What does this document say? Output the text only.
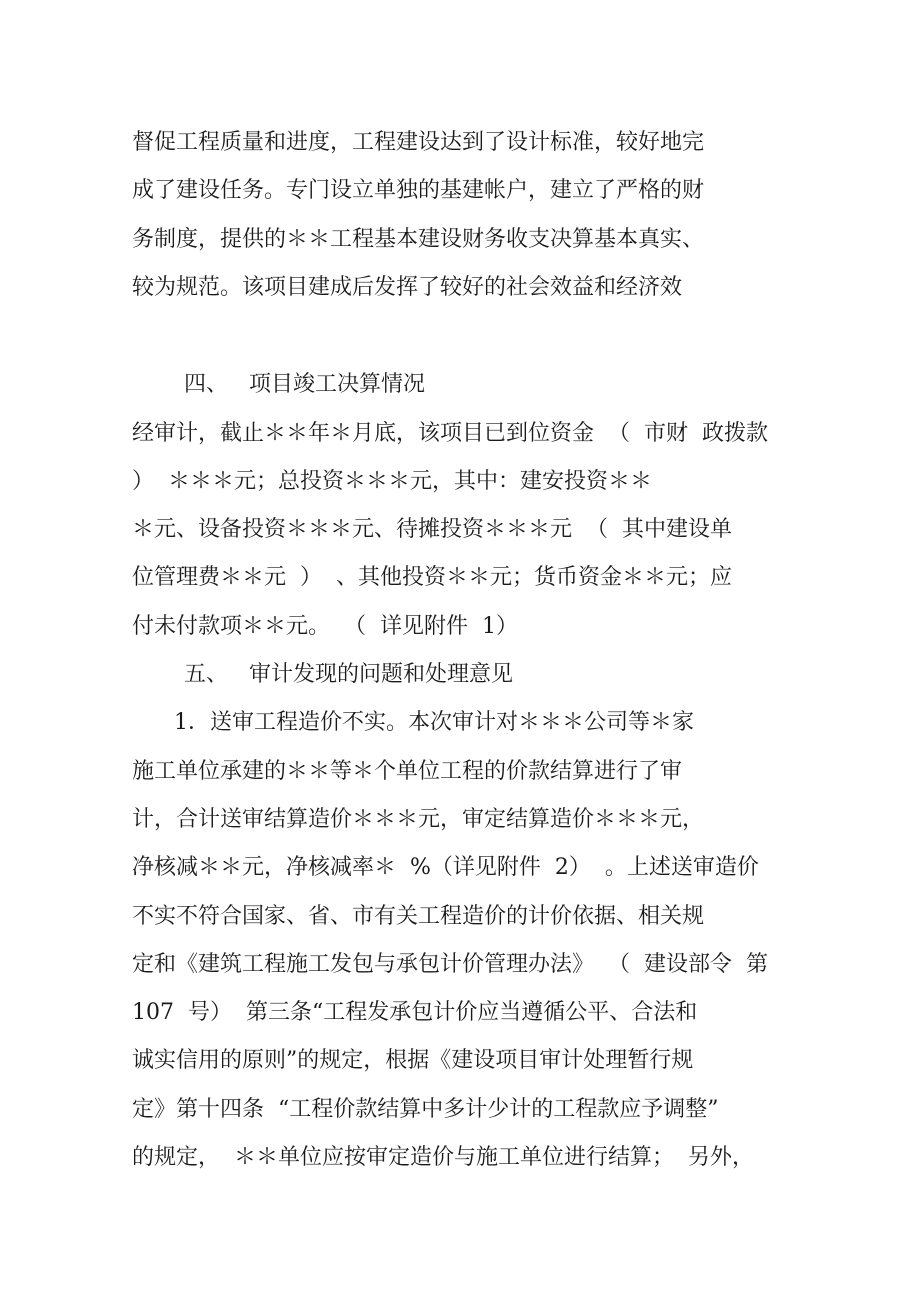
督促工程质量和进度，工程建设达到了设计标准，较好地完
成了建设任务。专门设立单独的基建帐户，建立了严格的财
务制度，提供的＊＊工程基本建设财务收支决算基本真实、
较为规范。该项目建成后发挥了较好的社会效益和经济效
四、   项目竣工决算情况
经审计，截止＊＊年＊月底，该项目已到位资金  （  市财  政拨款
）  ＊＊＊元；总投资＊＊＊元，其中：建安投资＊＊
＊元、设备投资＊＊＊元、待摊投资＊＊＊元  （  其中建设单
位管理费＊＊元  ）  、其他投资＊＊元；货币资金＊＊元；应
付未付款项＊＊元。  （  详见附件  1）
五、   审计发现的问题和处理意见
1．送审工程造价不实。本次审计对＊＊＊公司等＊家
施工单位承建的＊＊等＊个单位工程的价款结算进行了审
计，合计送审结算造价＊＊＊元，审定结算造价＊＊＊元，
净核减＊＊元，净核减率＊  %（详见附件  2）  。上述送审造价
不实不符合国家、省、市有关工程造价的计价依据、相关规
定和《建筑工程施工发包与承包计价管理办法》  （  建设部令  第
107  号）  第三条“工程发承包计价应当遵循公平、合法和
诚实信用的原则”的规定，根据《建设项目审计处理暂行规
定》第十四条  “工程价款结算中多计少计的工程款应予调整”
的规定，  ＊＊单位应按审定造价与施工单位进行结算；  另外，
